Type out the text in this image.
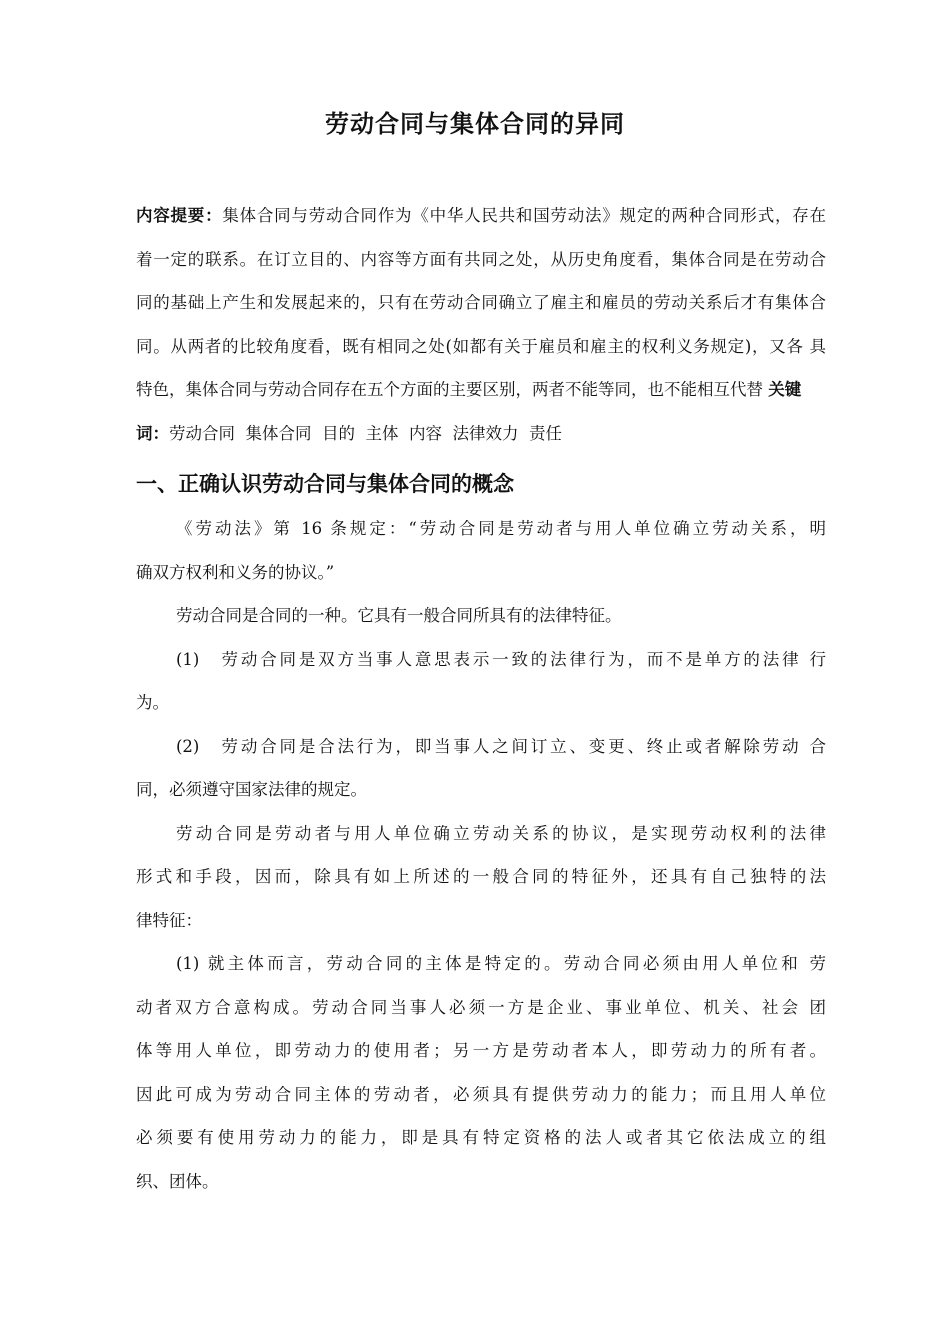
劳动合同与集体合同的异同
内容提要：集体合同与劳动合同作为《中华人民共和国劳动法》规定的两种合同形式，存在
着一定的联系。在订立目的、内容等方面有共同之处，从历史角度看，集体合同是在劳动合
同的基础上产生和发展起来的，只有在劳动合同确立了雇主和雇员的劳动关系后才有集体合
同。从两者的比较角度看，既有相同之处(如都有关于雇员和雇主的权利义务规定)，又各 具
特色，集体合同与劳动合同存在五个方面的主要区别，两者不能等同，也不能相互代替 关键
词：劳动合同  集体合同  目的  主体  内容  法律效力  责任
一、正确认识劳动合同与集体合同的概念
《劳动法》第 16 条规定：“劳动合同是劳动者与用人单位确立劳动关系，明
确双方权利和义务的协议。”
劳动合同是合同的一种。它具有一般合同所具有的法律特征。
(1)　劳动合同是双方当事人意思表示一致的法律行为，而不是单方的法律 行
为。
(2)　劳动合同是合法行为，即当事人之间订立、变更、终止或者解除劳动 合
同，必须遵守国家法律的规定。
劳动合同是劳动者与用人单位确立劳动关系的协议，是实现劳动权利的法律
形式和手段，因而，除具有如上所述的一般合同的特征外，还具有自己独特的法
律特征：
(1) 就主体而言，劳动合同的主体是特定的。劳动合同必须由用人单位和 劳
动者双方合意构成。劳动合同当事人必须一方是企业、事业单位、机关、社会 团
体等用人单位，即劳动力的使用者；另一方是劳动者本人，即劳动力的所有者。
因此可成为劳动合同主体的劳动者，必须具有提供劳动力的能力；而且用人单位
必须要有使用劳动力的能力，即是具有特定资格的法人或者其它依法成立的组
织、团体。
